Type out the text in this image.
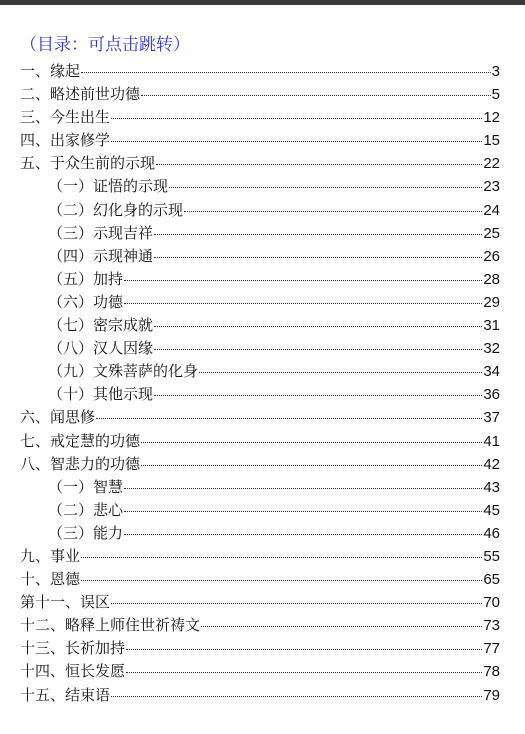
（目录：可点击跳转）
一、缘起	3
二、略述前世功德	5
三、今生出生	12
四、出家修学	15
五、于众生前的示现	22
（一）证悟的示现	23
（二）幻化身的示现	24
（三）示现吉祥	25
（四）示现神通	26
（五）加持	28
（六）功德	29
（七）密宗成就	31
（八）汉人因缘	32
（九）文殊菩萨的化身	34
（十）其他示现	36
六、闻思修	37
七、戒定慧的功德	41
八、智悲力的功德	42
（一）智慧	43
（二）悲心	45
（三）能力	46
九、事业	55
十、恩德	65
第十一、误区	70
十二、略释上师住世祈祷文	73
十三、长祈加持	77
十四、恒长发愿	78
十五、结束语	79
